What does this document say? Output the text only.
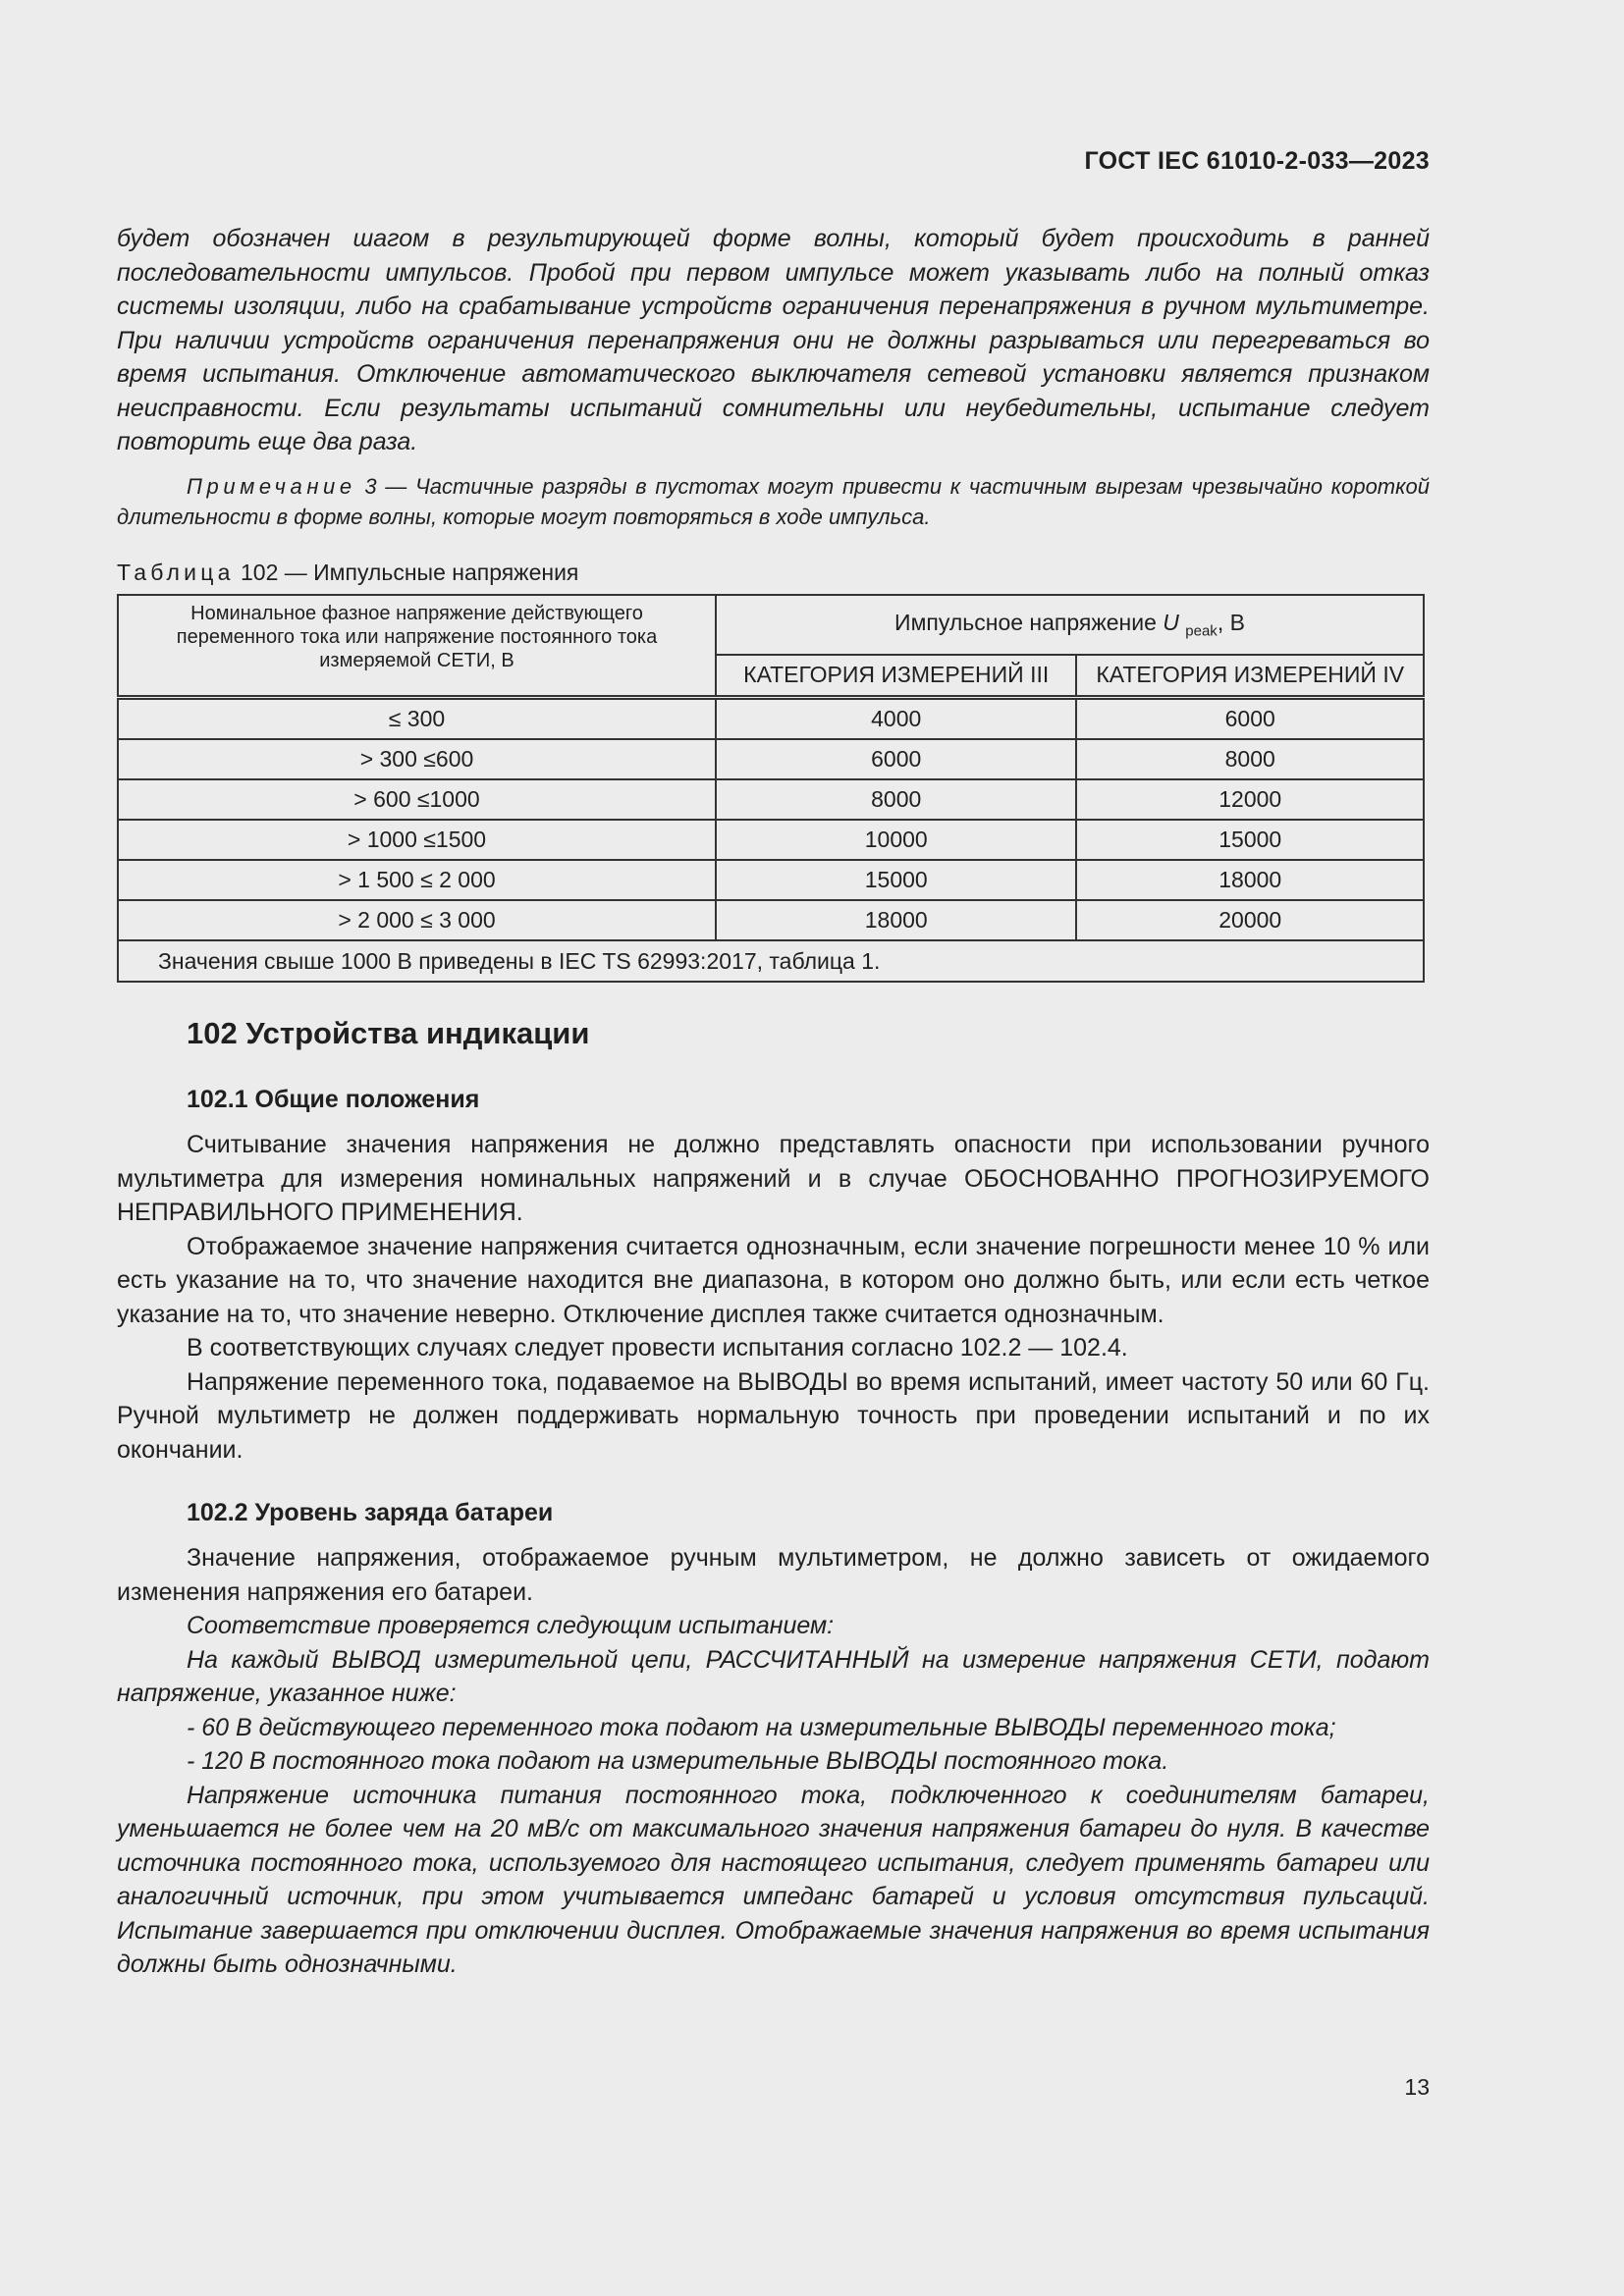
ГОСТ IEC 61010-2-033—2023

будет обозначен шагом в результирующей форме волны, который будет происходить в ранней последовательности импульсов. Пробой при первом импульсе может указывать либо на полный отказ системы изоляции, либо на срабатывание устройств ограничения перенапряжения в ручном мультиметре. При наличии устройств ограничения перенапряжения они не должны разрываться или перегреваться во время испытания. Отключение автоматического выключателя сетевой установки является признаком неисправности. Если результаты испытаний сомнительны или неубедительны, испытание следует повторить еще два раза.

Примечание 3 — Частичные разряды в пустотах могут привести к частичным вырезам чрезвычайно короткой длительности в форме волны, которые могут повторяться в ходе импульса.

Таблица 102 — Импульсные напряжения
Номинальное фазное напряжение действующего переменного тока или напряжение постоянного тока измеряемой СЕТИ, В	Импульсное напряжение U $_{peak}$, В	
	КАТЕГОРИЯ ИЗМЕРЕНИЙ III	КАТЕГОРИЯ ИЗМЕРЕНИЙ IV
≤ 300	4000	6000
> 300 ≤600	6000	8000
> 600 ≤1000	8000	12000
> 1000 ≤1500	10000	15000
> 1 500 ≤ 2 000	15000	18000
> 2 000 ≤ 3 000	18000	20000
Значения свыше 1000 В приведены в IEC TS 62993:2017, таблица 1.		
102 Устройства индикации
102.1 Общие положения

Считывание значения напряжения не должно представлять опасности при использовании ручного мультиметра для измерения номинальных напряжений и в случае ОБОСНОВАННО ПРОГНОЗИРУЕМОГО НЕПРАВИЛЬНОГО ПРИМЕНЕНИЯ.

Отображаемое значение напряжения считается однозначным, если значение погрешности менее 10 % или есть указание на то, что значение находится вне диапазона, в котором оно должно быть, или если есть четкое указание на то, что значение неверно. Отключение дисплея также считается однозначным.

В соответствующих случаях следует провести испытания согласно 102.2 — 102.4.

Напряжение переменного тока, подаваемое на ВЫВОДЫ во время испытаний, имеет частоту 50 или 60 Гц. Ручной мультиметр не должен поддерживать нормальную точность при проведении испытаний и по их окончании.

102.2 Уровень заряда батареи

Значение напряжения, отображаемое ручным мультиметром, не должно зависеть от ожидаемого изменения напряжения его батареи.

Соответствие проверяется следующим испытанием:

На каждый ВЫВОД измерительной цепи, РАССЧИТАННЫЙ на измерение напряжения СЕТИ, подают напряжение, указанное ниже:

- 60 В действующего переменного тока подают на измерительные ВЫВОДЫ переменного тока;

- 120 В постоянного тока подают на измерительные ВЫВОДЫ постоянного тока.

Напряжение источника питания постоянного тока, подключенного к соединителям батареи, уменьшается не более чем на 20 мВ/с от максимального значения напряжения батареи до нуля. В качестве источника постоянного тока, используемого для настоящего испытания, следует применять батареи или аналогичный источник, при этом учитывается импеданс батарей и условия отсутствия пульсаций. Испытание завершается при отключении дисплея. Отображаемые значения напряжения во время испытания должны быть однозначными.

13
